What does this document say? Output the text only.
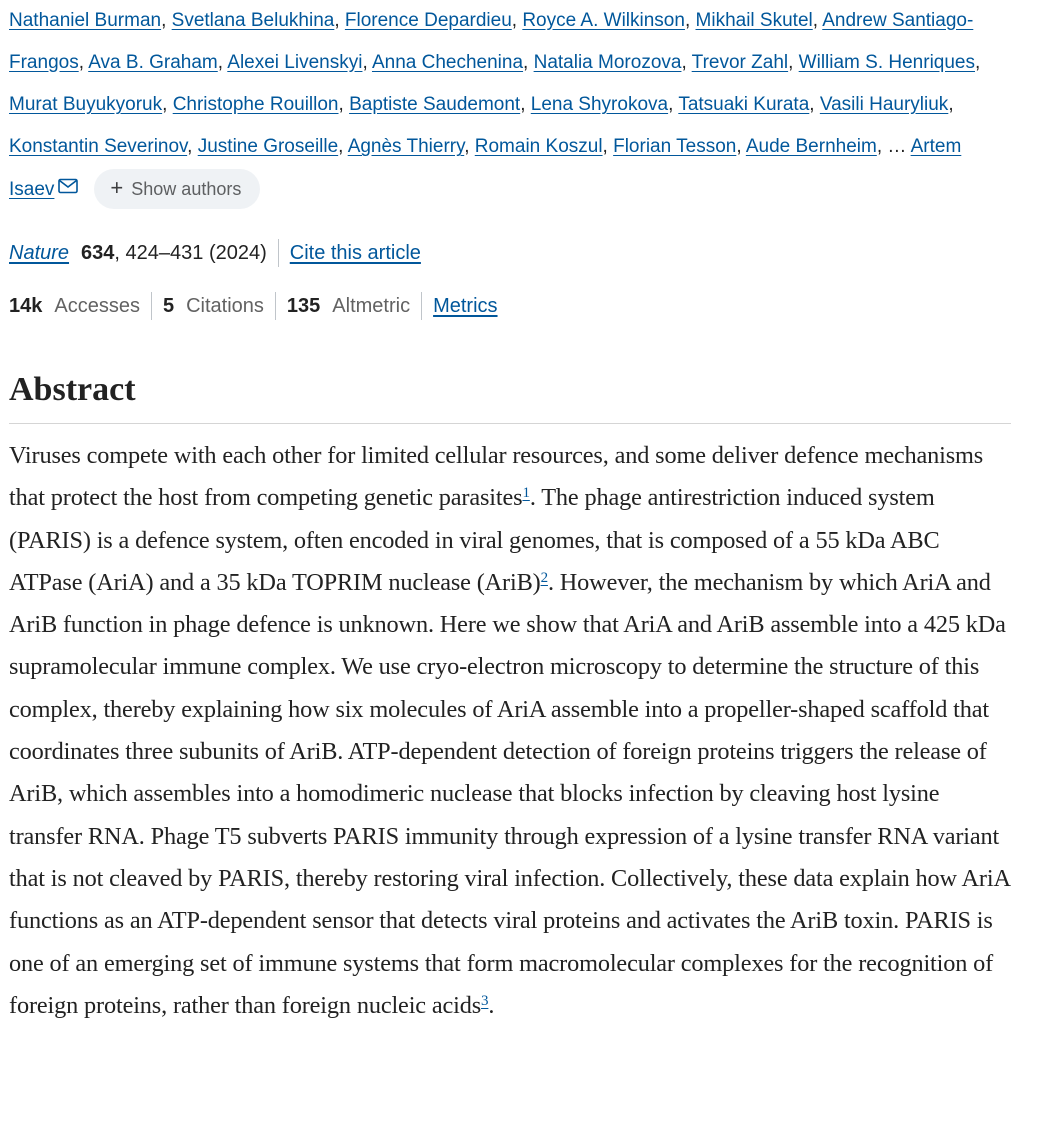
Nathaniel Burman, Svetlana Belukhina, Florence Depardieu, Royce A. Wilkinson, Mikhail Skutel, Andrew Santiago-Frangos, Ava B. Graham, Alexei Livenskyi, Anna Chechenina, Natalia Morozova, Trevor Zahl, William S. Henriques, Murat Buyukyoruk, Christophe Rouillon, Baptiste Saudemont, Lena Shyrokova, Tatsuaki Kurata, Vasili Hauryliuk, Konstantin Severinov, Justine Groseille, Agnès Thierry, Romain Koszul, Florian Tesson, Aude Bernheim, … Artem Isaev	+ Show authors
Nature 634 , 424–431 (2024) Cite this article
14k Accesses 5 Citations 135 Altmetric Metrics
Abstract

Viruses compete with each other for limited cellular resources, and some deliver defence mechanisms that protect the host from competing genetic parasites$^1$. The phage antirestriction induced system (PARIS) is a defence system, often encoded in viral genomes, that is composed of a 55 kDa ABC ATPase (AriA) and a 35 kDa TOPRIM nuclease (AriB)$^2$. However, the mechanism by which AriA and AriB function in phage defence is unknown. Here we show that AriA and AriB assemble into a 425 kDa supramolecular immune complex. We use cryo-electron microscopy to determine the structure of this complex, thereby explaining how six molecules of AriA assemble into a propeller-shaped scaffold that coordinates three subunits of AriB. ATP-dependent detection of foreign proteins triggers the release of AriB, which assembles into a homodimeric nuclease that blocks infection by cleaving host lysine transfer RNA. Phage T5 subverts PARIS immunity through expression of a lysine transfer RNA variant that is not cleaved by PARIS, thereby restoring viral infection. Collectively, these data explain how AriA functions as an ATP-dependent sensor that detects viral proteins and activates the AriB toxin. PARIS is one of an emerging set of immune systems that form macromolecular complexes for the recognition of foreign proteins, rather than foreign nucleic acids$^3$.
